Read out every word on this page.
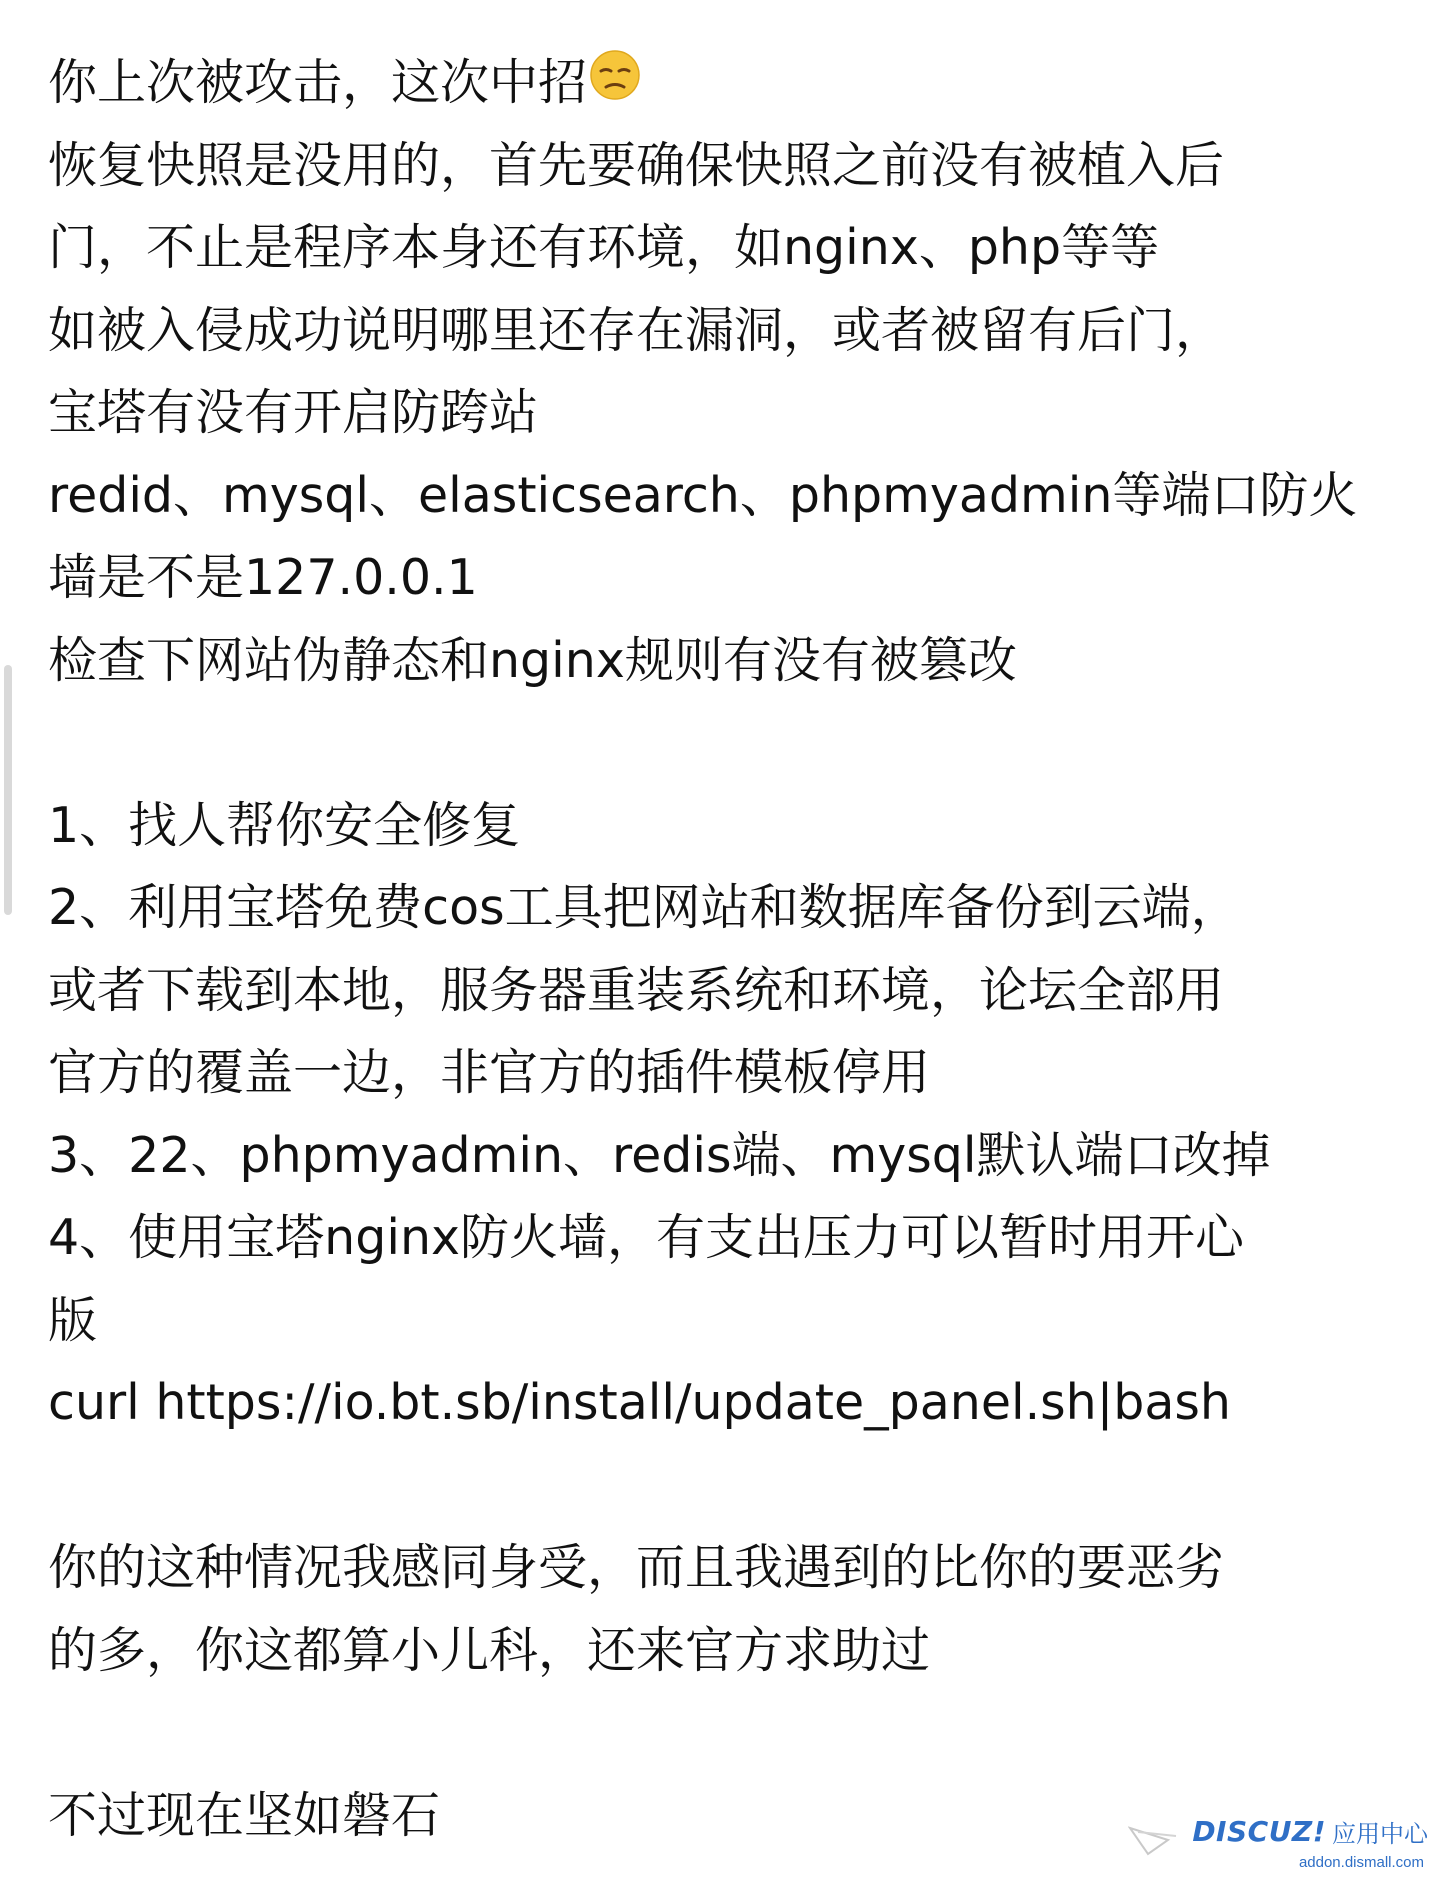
你上次被攻击，这次中招
恢复快照是没用的，首先要确保快照之前没有被植入后
门，不止是程序本身还有环境，如nginx、php等等
如被入侵成功说明哪里还存在漏洞，或者被留有后门，
宝塔有没有开启防跨站
redid、mysql、elasticsearch、phpmyadmin等端口防火
墙是不是127.0.0.1
检查下网站伪静态和nginx规则有没有被篡改
1、找人帮你安全修复
2、利用宝塔免费cos工具把网站和数据库备份到云端，
或者下载到本地，服务器重装系统和环境，论坛全部用
官方的覆盖一边，非官方的插件模板停用
3、22、phpmyadmin、redis端、mysql默认端口改掉
4、使用宝塔nginx防火墙，有支出压力可以暂时用开心
版
curl https://io.bt.sb/install/update_panel.sh|bash
你的这种情况我感同身受，而且我遇到的比你的要恶劣
的多，你这都算小儿科，还来官方求助过
不过现在坚如磐石	DISCUZ! 应用中心
addon.dismall.com
